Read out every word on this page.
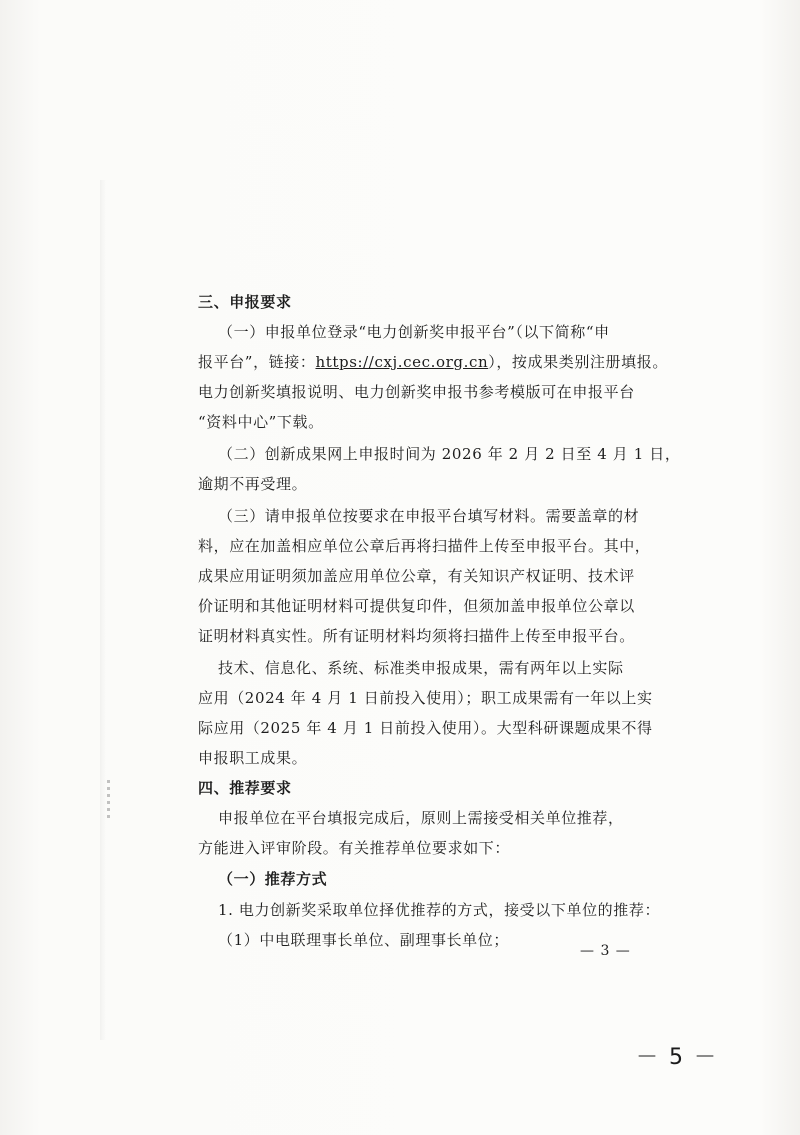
三、申报要求
（一）申报单位登录“电力创新奖申报平台”（以下简称“申
报平台”，链接：https://cxj.cec.org.cn），按成果类别注册填报。
电力创新奖填报说明、电力创新奖申报书参考模版可在申报平台
“资料中心”下载。
（二）创新成果网上申报时间为 2026 年 2 月 2 日至 4 月 1 日，
逾期不再受理。
（三）请申报单位按要求在申报平台填写材料。需要盖章的材
料，应在加盖相应单位公章后再将扫描件上传至申报平台。其中，
成果应用证明须加盖应用单位公章，有关知识产权证明、技术评
价证明和其他证明材料可提供复印件，但须加盖申报单位公章以
证明材料真实性。所有证明材料均须将扫描件上传至申报平台。
技术、信息化、系统、标准类申报成果，需有两年以上实际
应用（2024 年 4 月 1 日前投入使用）；职工成果需有一年以上实
际应用（2025 年 4 月 1 日前投入使用）。大型科研课题成果不得
申报职工成果。
四、推荐要求
申报单位在平台填报完成后，原则上需接受相关单位推荐，
方能进入评审阶段。有关推荐单位要求如下：
（一）推荐方式
1. 电力创新奖采取单位择优推荐的方式，接受以下单位的推荐：
（1）中电联理事长单位、副理事长单位；
— 3 —
－ 5 －
